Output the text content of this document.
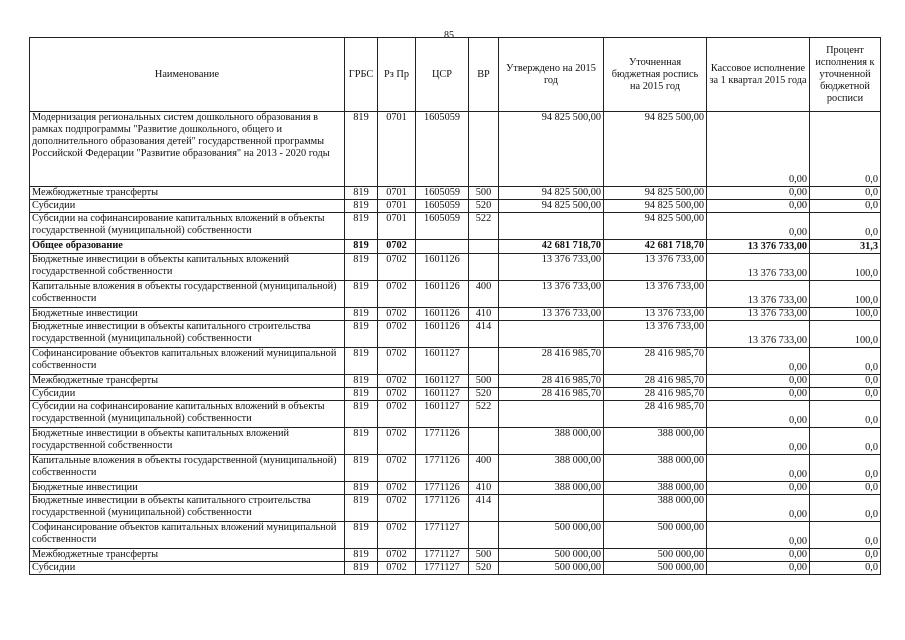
85
Наименование	ГРБС	Рз Пр	ЦСР	ВР	Утверждено на 2015 год	Уточненная бюджетная роспись на 2015 год	Кассовое исполнение за 1 квартал 2015 года	Процент исполнения к уточненной бюджетной росписи
Модернизация региональных систем дошкольного образования в рамках подпрограммы "Развитие дошкольного, общего и дополнительного образования детей" государственной программы Российской Федерации "Развитие образования" на 2013 - 2020 годы	819	0701	1605059		94 825 500,00	94 825 500,00	0,00	0,0
Межбюджетные трансферты	819	0701	1605059	500	94 825 500,00	94 825 500,00	0,00	0,0
Субсидии	819	0701	1605059	520	94 825 500,00	94 825 500,00	0,00	0,0
Субсидии на софинансирование капитальных вложений в объекты государственной (муниципальной) собственности	819	0701	1605059	522		94 825 500,00	0,00	0,0
Общее образование	819	0702			42 681 718,70	42 681 718,70	13 376 733,00	31,3
Бюджетные инвестиции в объекты капитальных вложений государственной собственности	819	0702	1601126		13 376 733,00	13 376 733,00	13 376 733,00	100,0
Капитальные вложения в объекты государственной (муниципальной) собственности	819	0702	1601126	400	13 376 733,00	13 376 733,00	13 376 733,00	100,0
Бюджетные инвестиции	819	0702	1601126	410	13 376 733,00	13 376 733,00	13 376 733,00	100,0
Бюджетные инвестиции в объекты капитального строительства государственной (муниципальной) собственности	819	0702	1601126	414		13 376 733,00	13 376 733,00	100,0
Софинансирование объектов капитальных вложений муниципальной собственности	819	0702	1601127		28 416 985,70	28 416 985,70	0,00	0,0
Межбюджетные трансферты	819	0702	1601127	500	28 416 985,70	28 416 985,70	0,00	0,0
Субсидии	819	0702	1601127	520	28 416 985,70	28 416 985,70	0,00	0,0
Субсидии на софинансирование капитальных вложений в объекты государственной (муниципальной) собственности	819	0702	1601127	522		28 416 985,70	0,00	0,0
Бюджетные инвестиции в объекты капитальных вложений государственной собственности	819	0702	1771126		388 000,00	388 000,00	0,00	0,0
Капитальные вложения в объекты государственной (муниципальной) собственности	819	0702	1771126	400	388 000,00	388 000,00	0,00	0,0
Бюджетные инвестиции	819	0702	1771126	410	388 000,00	388 000,00	0,00	0,0
Бюджетные инвестиции в объекты капитального строительства государственной (муниципальной) собственности	819	0702	1771126	414		388 000,00	0,00	0,0
Софинансирование объектов капитальных вложений муниципальной собственности	819	0702	1771127		500 000,00	500 000,00	0,00	0,0
Межбюджетные трансферты	819	0702	1771127	500	500 000,00	500 000,00	0,00	0,0
Субсидии	819	0702	1771127	520	500 000,00	500 000,00	0,00	0,0
